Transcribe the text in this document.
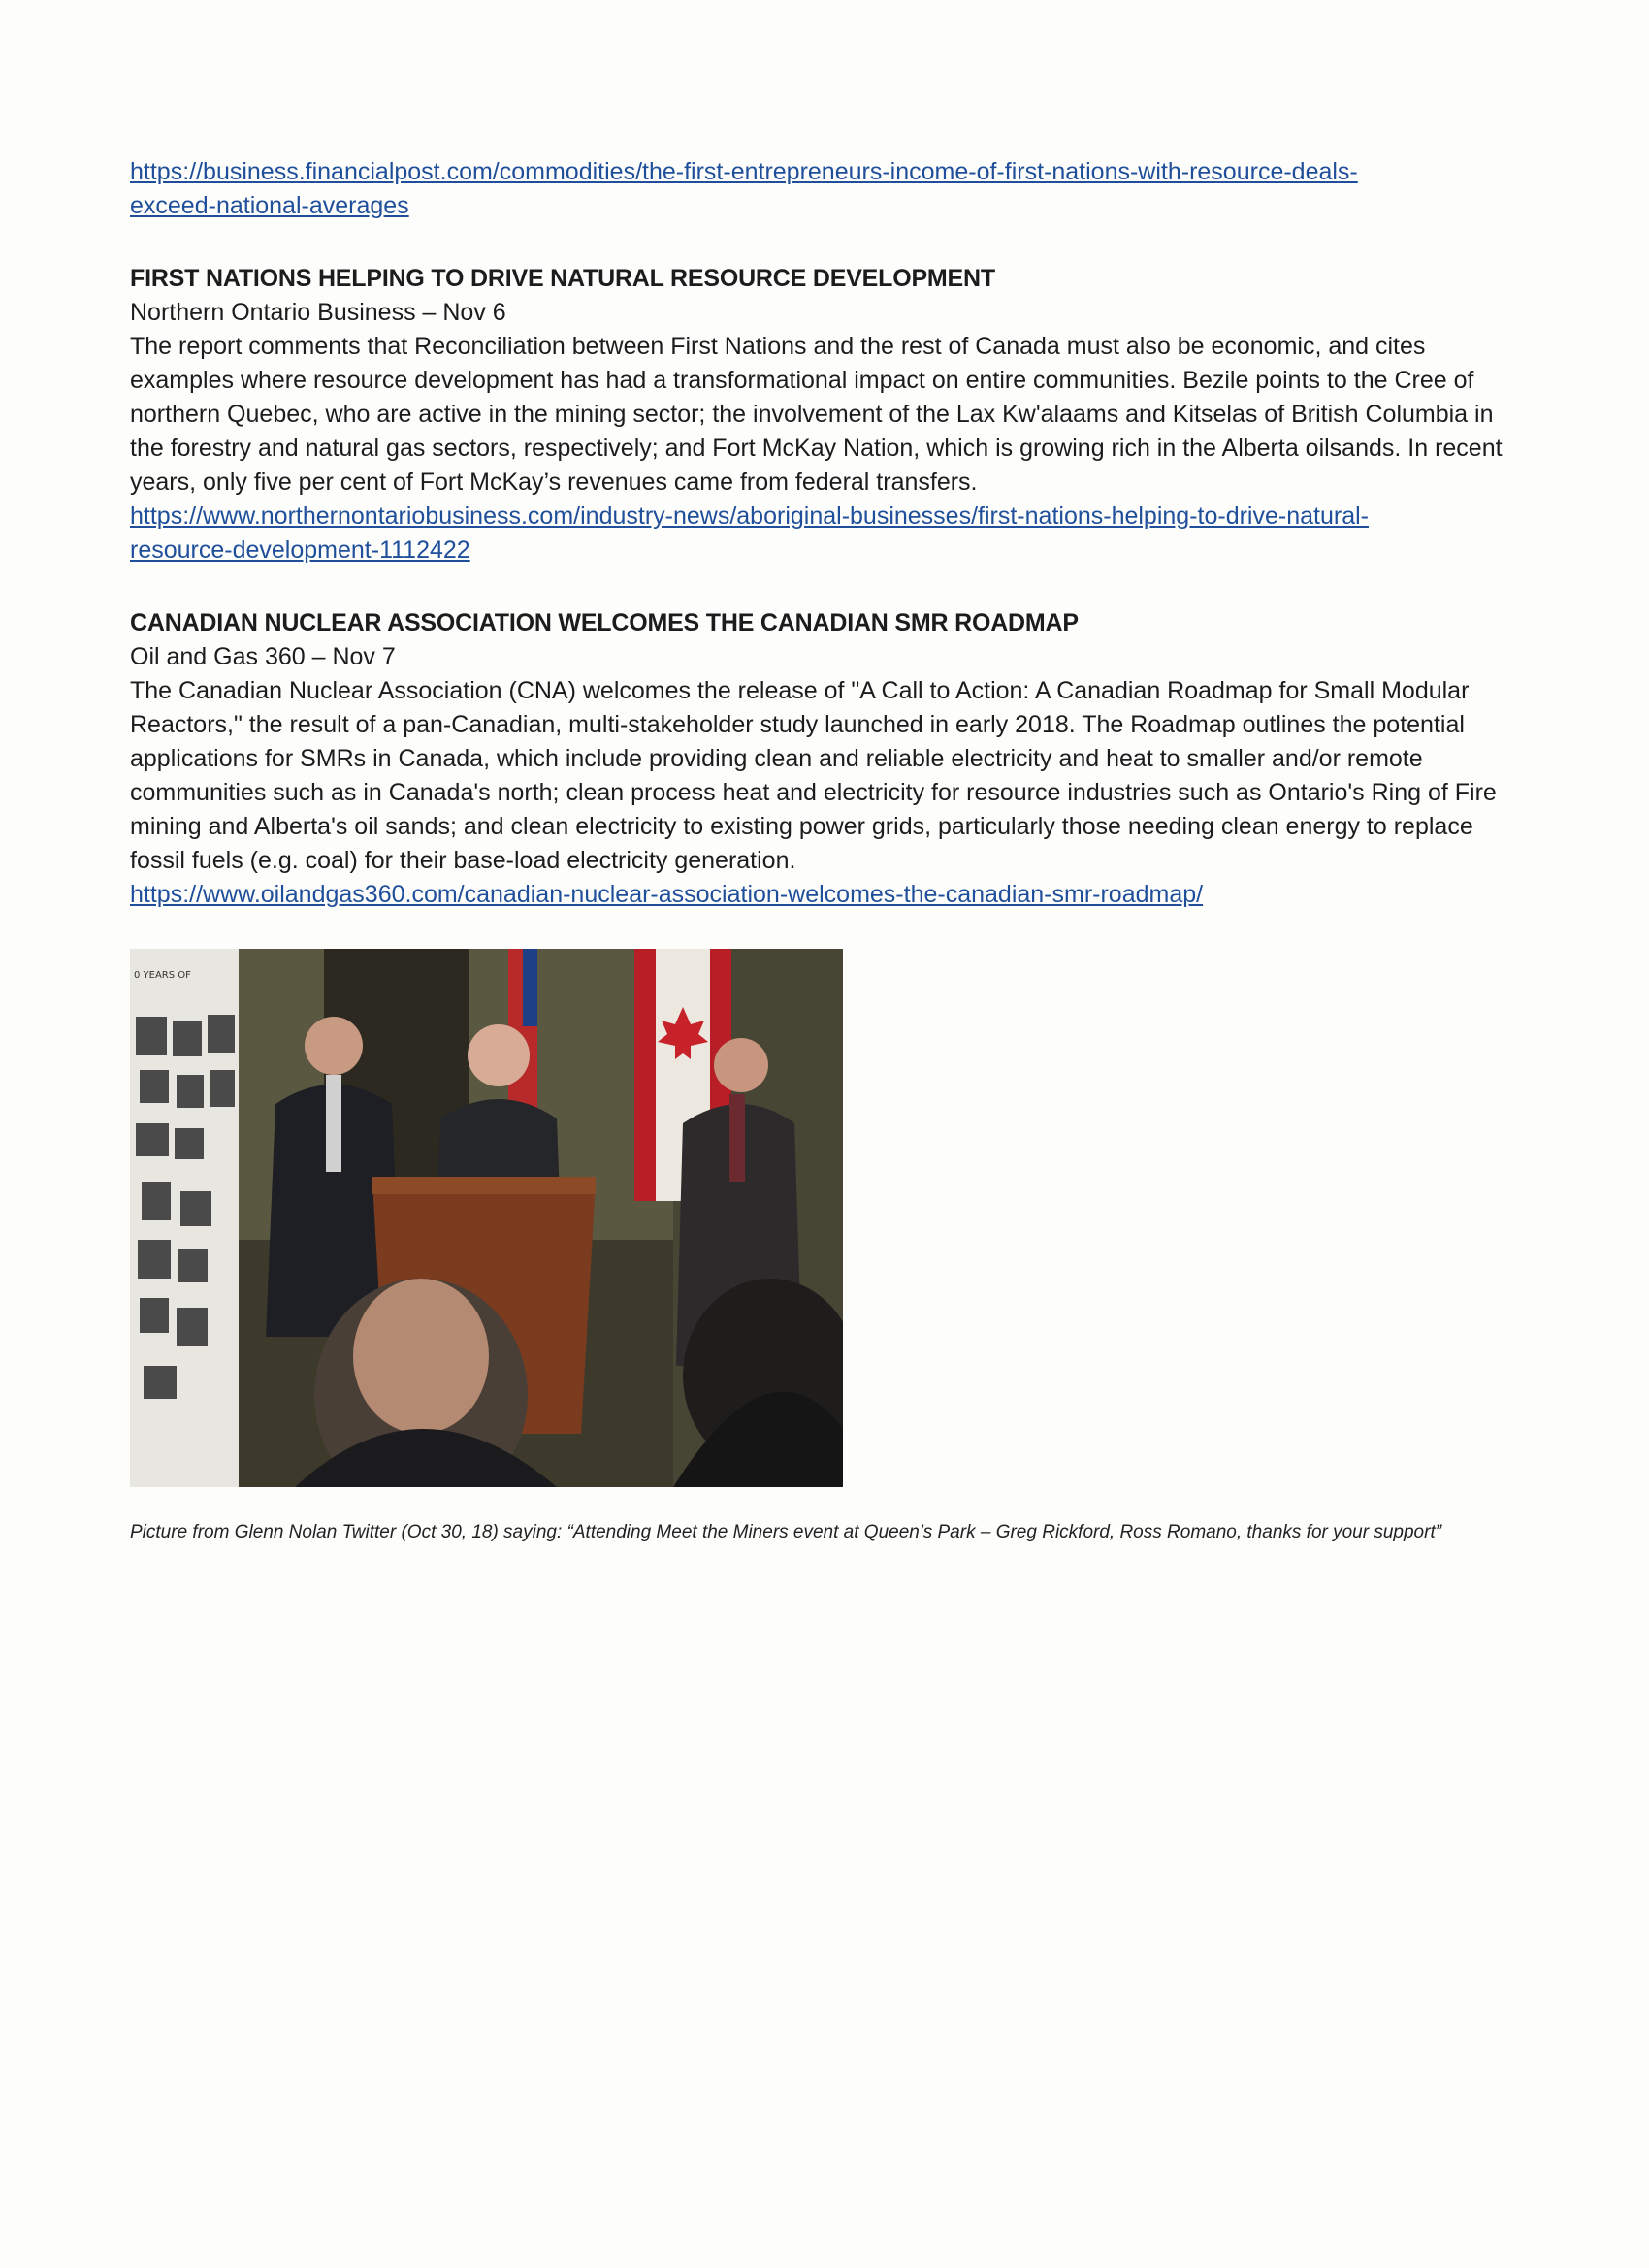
https://business.financialpost.com/commodities/the-first-entrepreneurs-income-of-first-nations-with-resource-deals-
exceed-national-averages
FIRST NATIONS HELPING TO DRIVE NATURAL RESOURCE DEVELOPMENT
Northern Ontario Business – Nov 6
The report comments that Reconciliation between First Nations and the rest of Canada must also be economic, and cites examples where resource development has had a transformational impact on entire communities. Bezile points to the Cree of northern Quebec, who are active in the mining sector; the involvement of the Lax Kw'alaams and Kitselas of British Columbia in the forestry and natural gas sectors, respectively; and Fort McKay Nation, which is growing rich in the Alberta oilsands. In recent years, only five per cent of Fort McKay’s revenues came from federal transfers.
https://www.northernontariobusiness.com/industry-news/aboriginal-businesses/first-nations-helping-to-drive-natural-
resource-development-1112422
CANADIAN NUCLEAR ASSOCIATION WELCOMES THE CANADIAN SMR ROADMAP
Oil and Gas 360 – Nov 7
The Canadian Nuclear Association (CNA) welcomes the release of "A Call to Action: A Canadian Roadmap for Small Modular Reactors," the result of a pan-Canadian, multi-stakeholder study launched in early 2018. The Roadmap outlines the potential applications for SMRs in Canada, which include providing clean and reliable electricity and heat to smaller and/or remote communities such as in Canada's north; clean process heat and electricity for resource industries such as Ontario's Ring of Fire mining and Alberta's oil sands; and clean electricity to existing power grids, particularly those needing clean energy to replace fossil fuels (e.g. coal) for their base-load electricity generation.
https://www.oilandgas360.com/canadian-nuclear-association-welcomes-the-canadian-smr-roadmap/
0 YEARS OF
Picture from Glenn Nolan Twitter (Oct 30, 18) saying: “Attending Meet the Miners event at Queen’s Park – Greg Rickford, Ross Romano, thanks for your support”
